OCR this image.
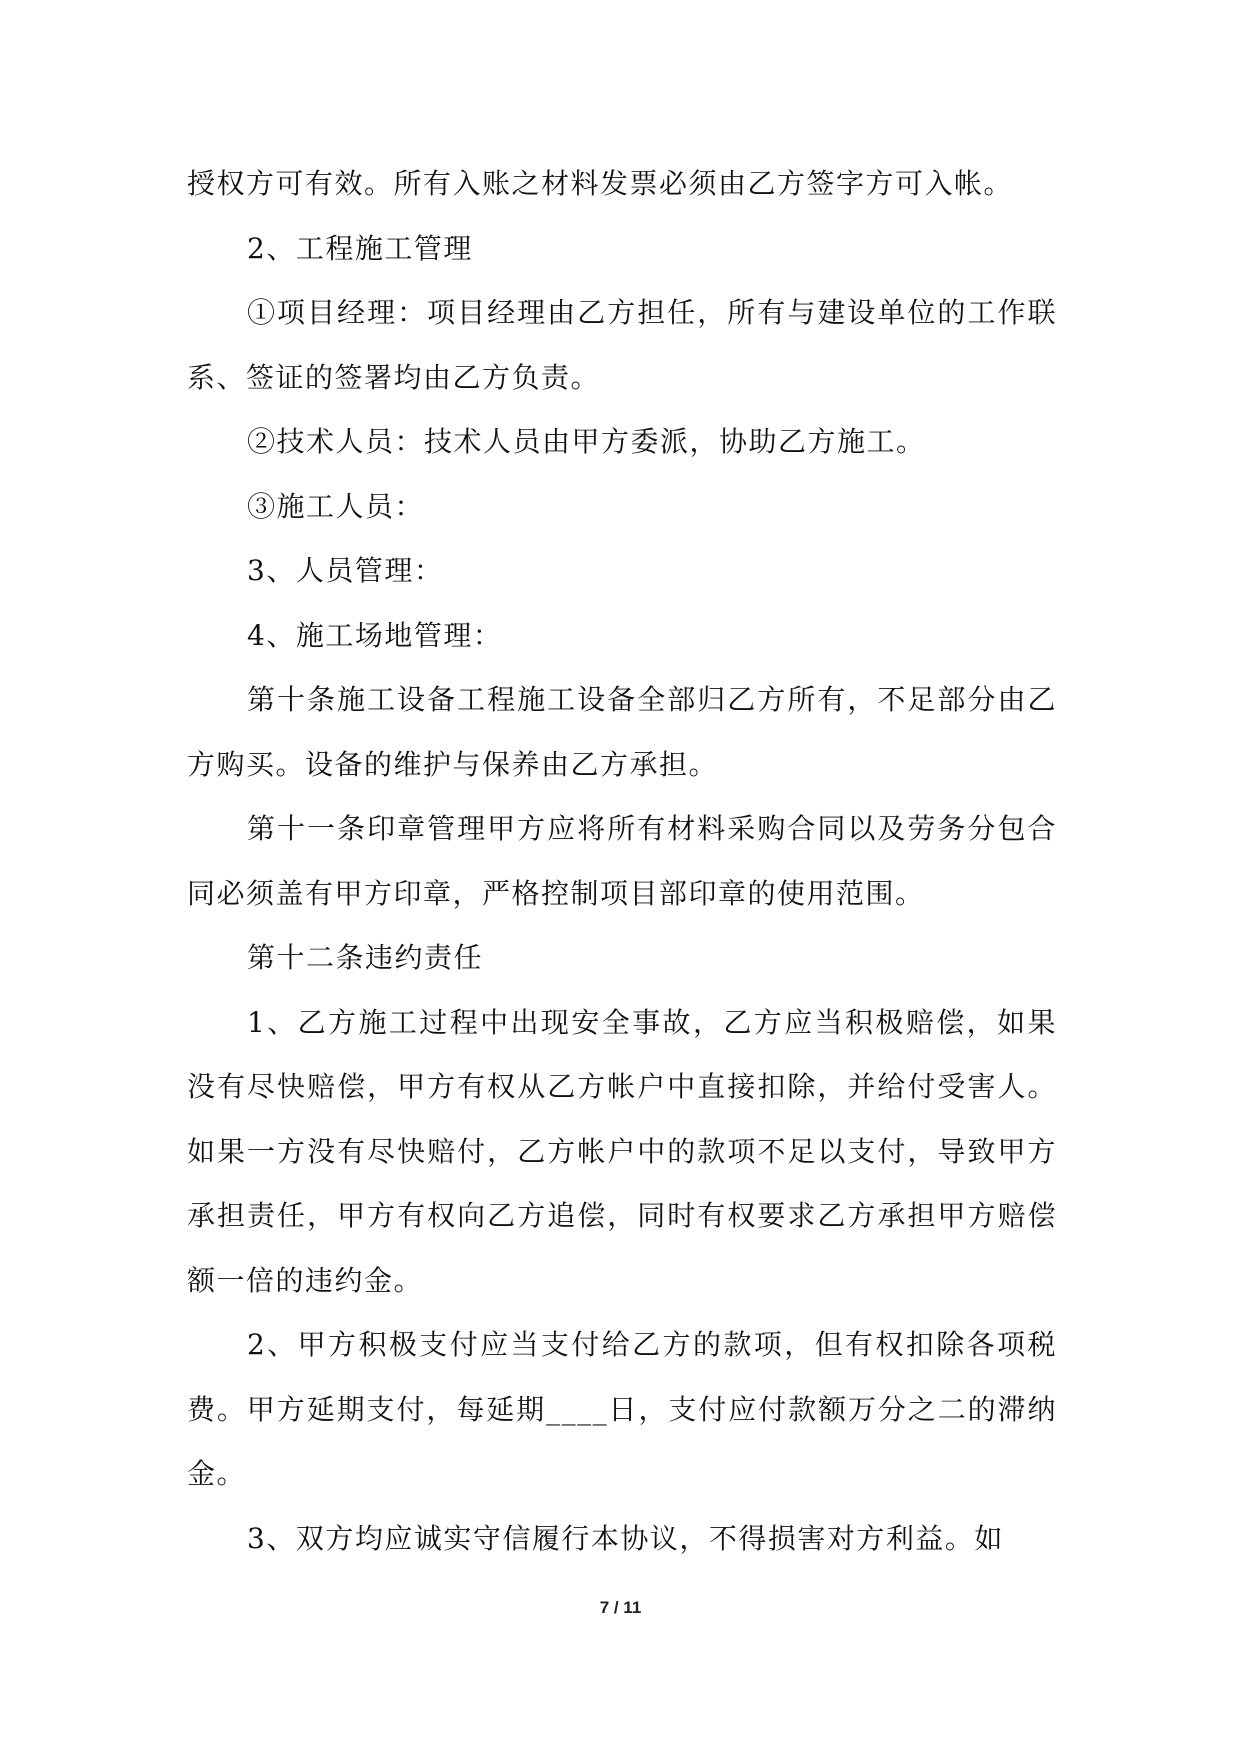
授权方可有效。所有入账之材料发票必须由乙方签字方可入帐。

2、工程施工管理

①项目经理：项目经理由乙方担任，所有与建设单位的工作联系、签证的签署均由乙方负责。

②技术人员：技术人员由甲方委派，协助乙方施工。

③施工人员：

3、人员管理：

4、施工场地管理：

第十条施工设备工程施工设备全部归乙方所有，不足部分由乙方购买。设备的维护与保养由乙方承担。

第十一条印章管理甲方应将所有材料采购合同以及劳务分包合同必须盖有甲方印章，严格控制项目部印章的使用范围。

第十二条违约责任

1、乙方施工过程中出现安全事故，乙方应当积极赔偿，如果没有尽快赔偿，甲方有权从乙方帐户中直接扣除，并给付受害人。如果一方没有尽快赔付，乙方帐户中的款项不足以支付，导致甲方承担责任，甲方有权向乙方追偿，同时有权要求乙方承担甲方赔偿额一倍的违约金。

2、甲方积极支付应当支付给乙方的款项，但有权扣除各项税费。甲方延期支付，每延期____日，支付应付款额万分之二的滞纳金。

3、双方均应诚实守信履行本协议，不得损害对方利益。如

7 / 11
